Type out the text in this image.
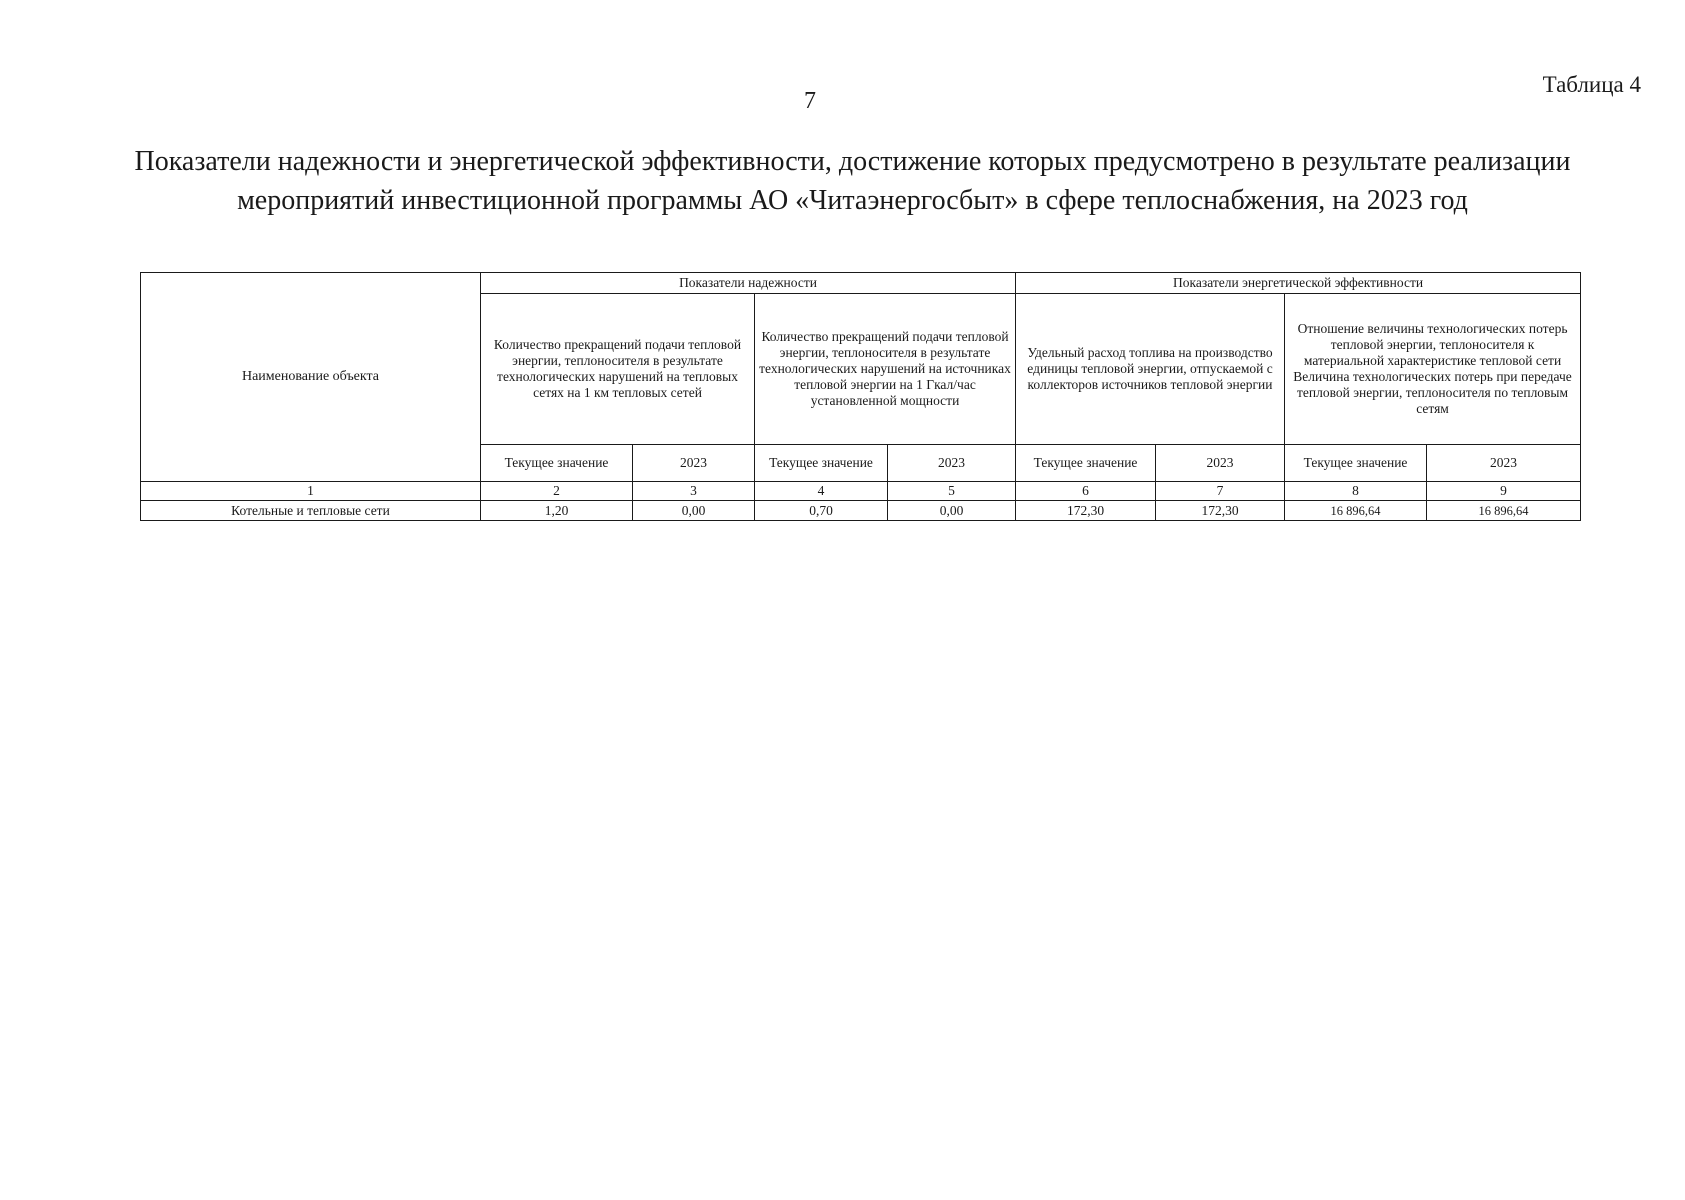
7
Таблица 4
Показатели надежности и энергетической эффективности, достижение которых предусмотрено в результате реализации
мероприятий инвестиционной программы АО «Читаэнергосбыт» в сфере теплоснабжения, на 2023 год
Наименование объекта	Показатели надежности				Показатели энергетической эффективности			

	Количество прекращений подачи тепловой энергии, теплоносителя в результате технологических нарушений на тепловых сетях на 1 км тепловых сетей		Количество прекращений подачи тепловой энергии, теплоносителя в результате технологических нарушений на источниках тепловой энергии на 1 Гкал/час установленной мощности		Удельный расход топлива на производство единицы тепловой энергии, отпускаемой с коллекторов источников тепловой энергии		Отношение величины технологических потерь тепловой энергии, теплоносителя к материальной характеристике тепловой сети Величина технологических потерь при передаче тепловой энергии, теплоносителя по тепловым сетям	

	Текущее значение	2023	Текущее значение	2023	Текущее значение	2023	Текущее значение	2023
1	2	3	4	5	6	7	8	9
Котельные и тепловые сети	1,20	0,00	0,70	0,00	172,30	172,30	16 896,64	16 896,64
